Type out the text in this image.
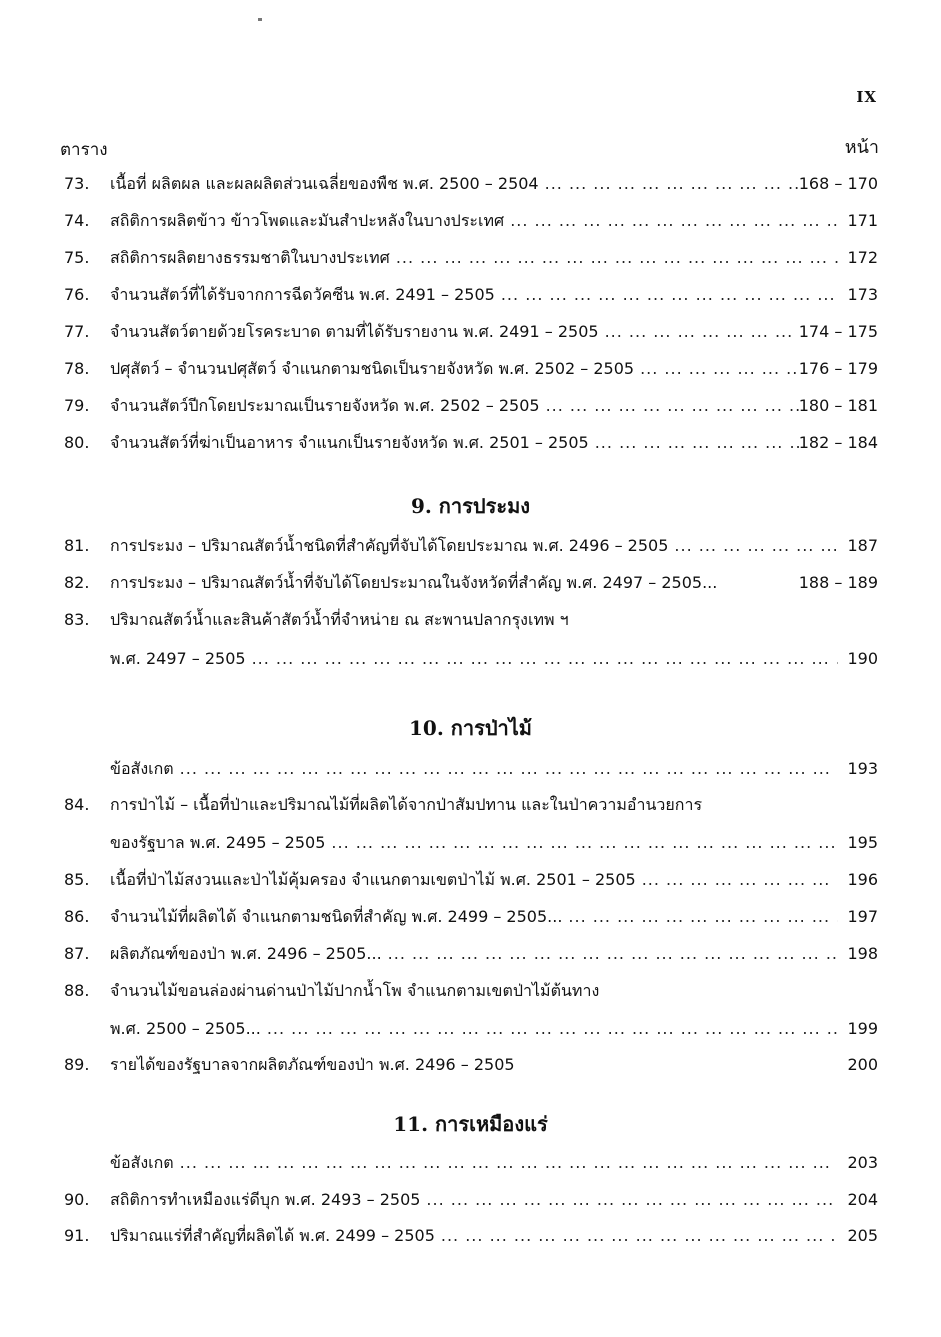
IX
ตาราง	หน้า
73.	เนื้อที่ ผลิตผล และผลผลิตส่วนเฉลี่ยของพืช พ.ศ. 2500 – 2504 ... .	168 – 170
74.	สถิติการผลิตข้าว ข้าวโพดและมันสำปะหลังในบางประเทศ ... .	171
75.	สถิติการผลิตยางธรรมชาติในบางประเทศ ... .	172
76.	จำนวนสัตว์ที่ได้รับจากการฉีดวัคซีน พ.ศ. 2491 – 2505 ... .	173
77.	จำนวนสัตว์ตายด้วยโรคระบาด ตามที่ได้รับรายงาน พ.ศ. 2491 – 2505 ... .	174 – 175
78.	ปศุสัตว์ – จำนวนปศุสัตว์ จำแนกตามชนิดเป็นรายจังหวัด พ.ศ. 2502 – 2505 ... .	176 – 179
79.	จำนวนสัตว์ปีกโดยประมาณเป็นรายจังหวัด พ.ศ. 2502 – 2505 ... .	180 – 181
80.	จำนวนสัตว์ที่ฆ่าเป็นอาหาร จำแนกเป็นรายจังหวัด พ.ศ. 2501 – 2505 ... .	182 – 184
9. การประมง
81.	การประมง – ปริมาณสัตว์น้ำชนิดที่สำคัญที่จับได้โดยประมาณ พ.ศ. 2496 – 2505 ... .	187
82.	การประมง – ปริมาณสัตว์น้ำที่จับได้โดยประมาณในจังหวัดที่สำคัญ พ.ศ. 2497 – 2505...	188 – 189
83.	ปริมาณสัตว์น้ำและสินค้าสัตว์น้ำที่จำหน่าย ณ สะพานปลากรุงเทพ ฯ
พ.ศ. 2497 – 2505 ... .	190
10. การป่าไม้
ข้อสังเกต ... .	193
84.	การป่าไม้ – เนื้อที่ป่าและปริมาณไม้ที่ผลิตได้จากป่าสัมปทาน และในป่าความอำนวยการ
ของรัฐบาล พ.ศ. 2495 – 2505 ... .	195
85.	เนื้อที่ป่าไม้สงวนและป่าไม้คุ้มครอง จำแนกตามเขตป่าไม้ พ.ศ. 2501 – 2505 ... .	196
86.	จำนวนไม้ที่ผลิตได้ จำแนกตามชนิดที่สำคัญ พ.ศ. 2499 – 2505... ... .	197
87.	ผลิตภัณฑ์ของป่า พ.ศ. 2496 – 2505... ... .	198
88.	จำนวนไม้ขอนล่องผ่านด่านป่าไม้ปากน้ำโพ จำแนกตามเขตป่าไม้ต้นทาง
พ.ศ. 2500 – 2505... ... .	199
89.	รายได้ของรัฐบาลจากผลิตภัณฑ์ของป่า พ.ศ. 2496 – 2505	200
11. การเหมืองแร่
ข้อสังเกต ... .	203
90.	สถิติการทำเหมืองแร่ดีบุก พ.ศ. 2493 – 2505 ... .	204
91.	ปริมาณแร่ที่สำคัญที่ผลิตได้ พ.ศ. 2499 – 2505 ... .	205
